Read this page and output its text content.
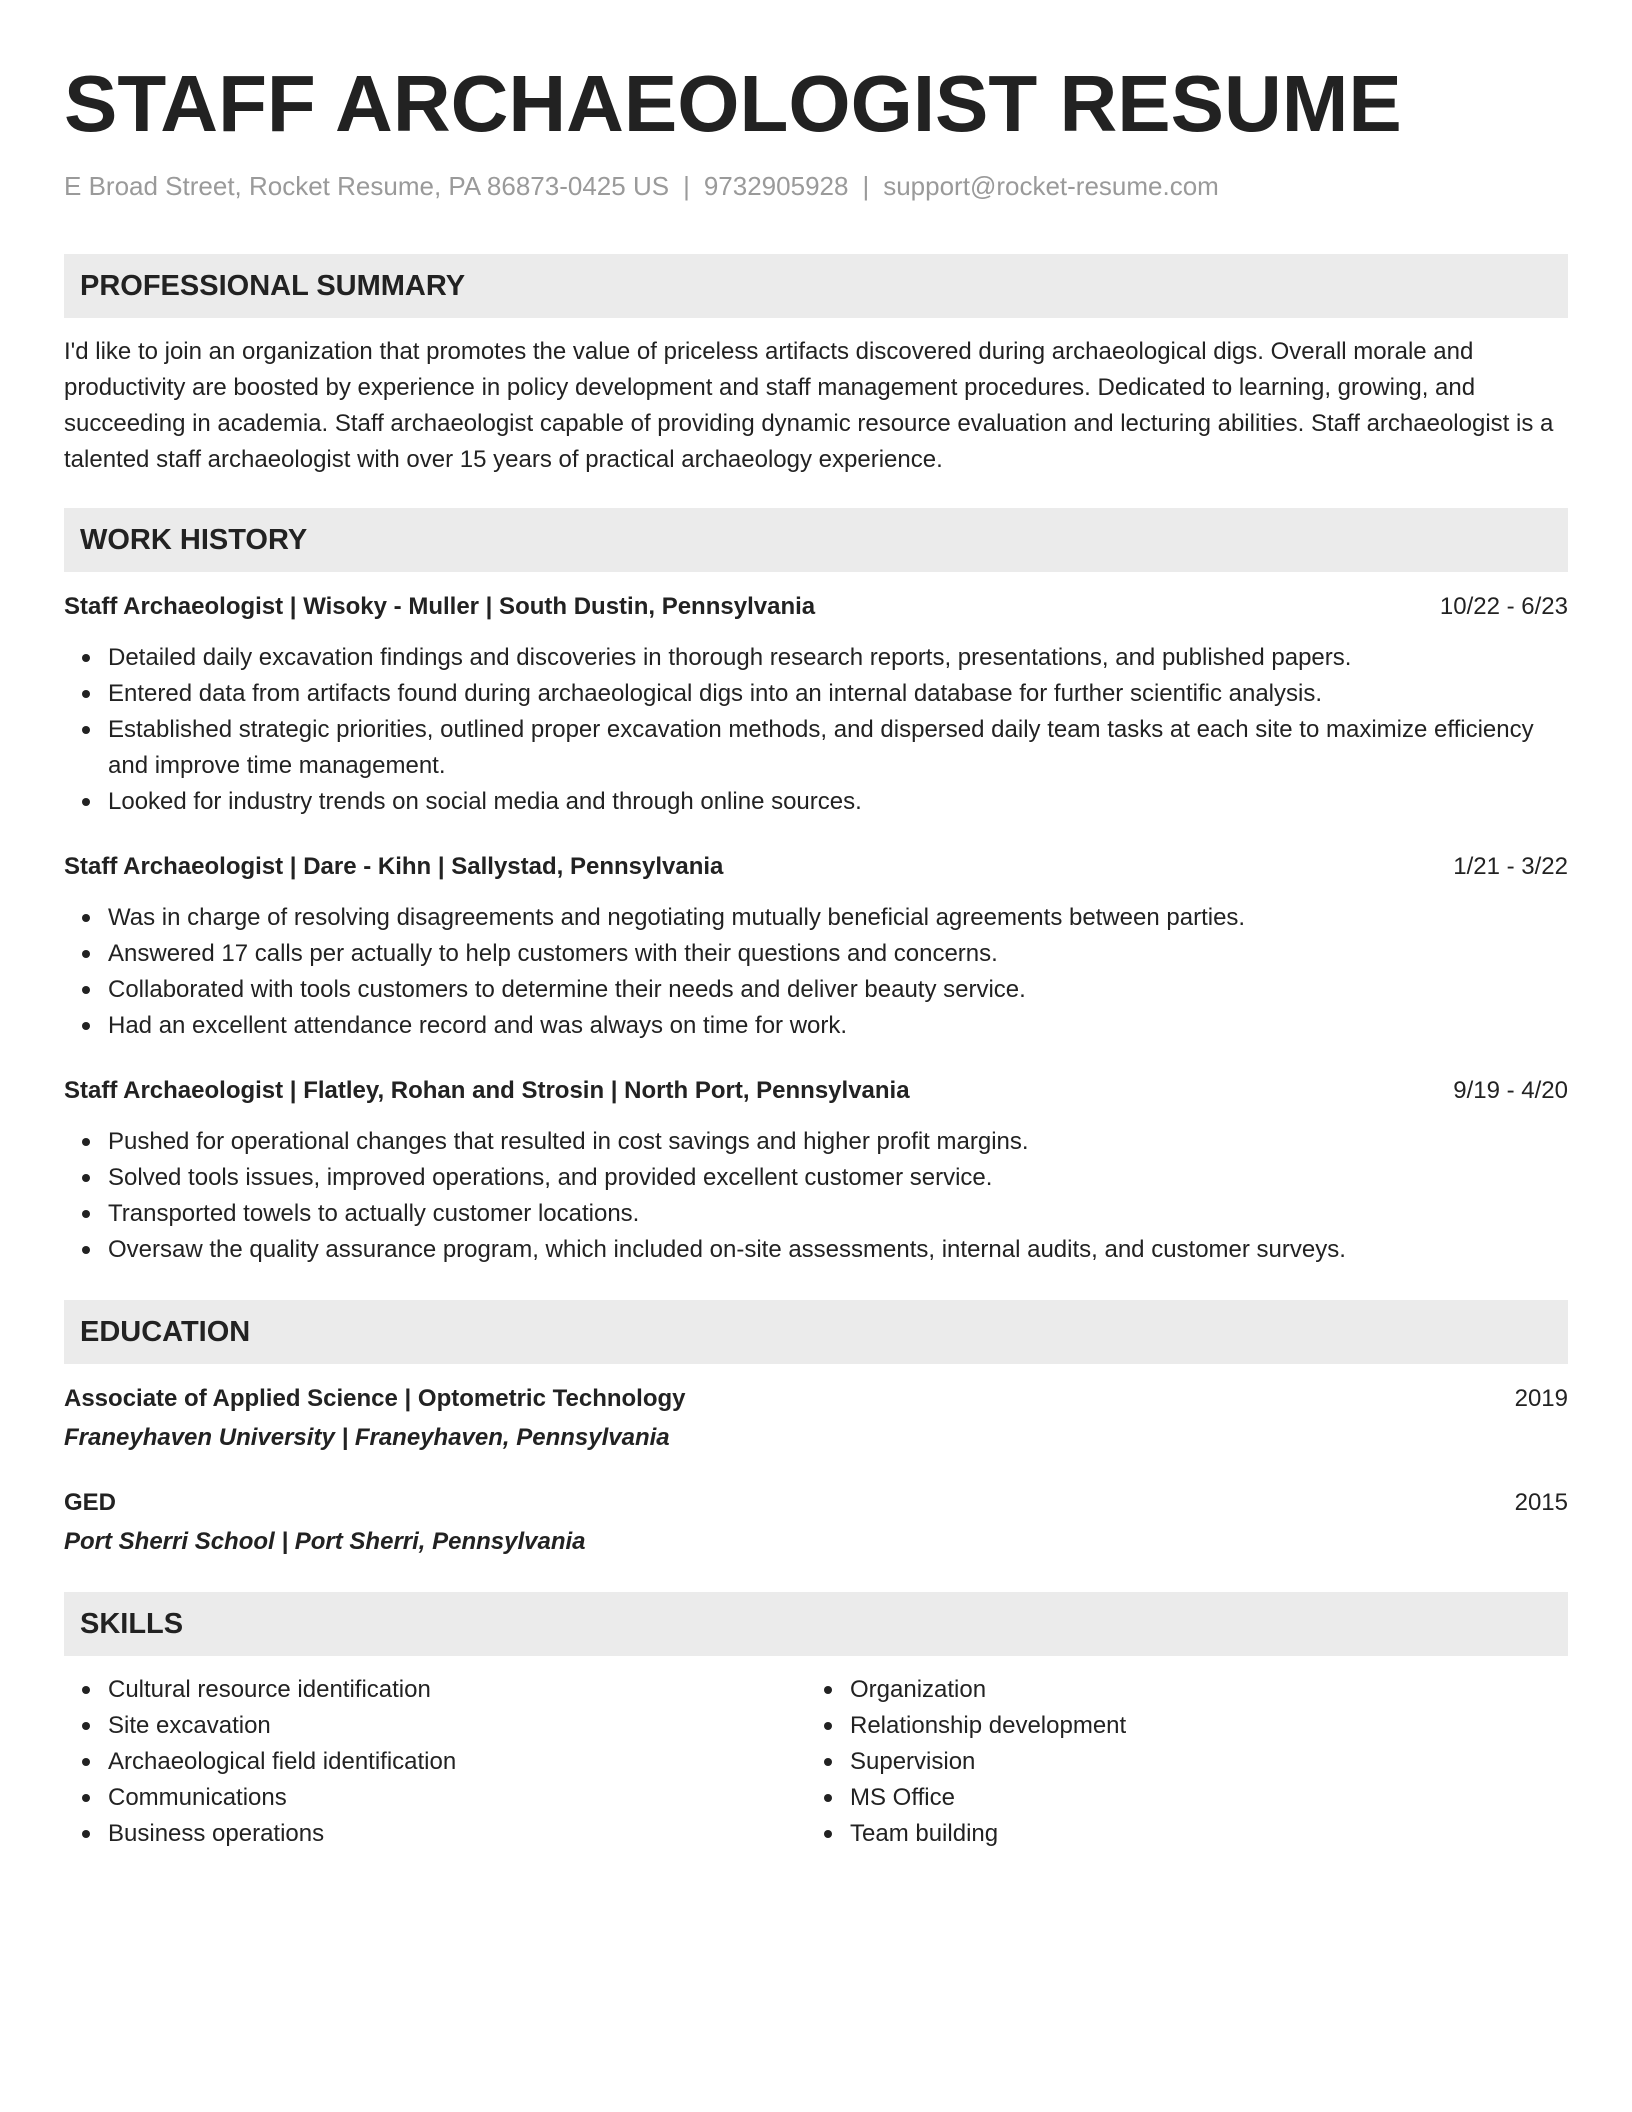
STAFF ARCHAEOLOGIST RESUME
E Broad Street, Rocket Resume, PA 86873-0425 US | 9732905928 | support@rocket-resume.com
PROFESSIONAL SUMMARY
I'd like to join an organization that promotes the value of priceless artifacts discovered during archaeological digs. Overall morale and productivity are boosted by experience in policy development and staff management procedures. Dedicated to learning, growing, and succeeding in academia. Staff archaeologist capable of providing dynamic resource evaluation and lecturing abilities. Staff archaeologist is a talented staff archaeologist with over 15 years of practical archaeology experience.
WORK HISTORY
Staff Archaeologist | Wisoky - Muller | South Dustin, Pennsylvania	10/22 - 6/23
Detailed daily excavation findings and discoveries in thorough research reports, presentations, and published papers.
Entered data from artifacts found during archaeological digs into an internal database for further scientific analysis.
Established strategic priorities, outlined proper excavation methods, and dispersed daily team tasks at each site to maximize efficiency and improve time management.
Looked for industry trends on social media and through online sources.
Staff Archaeologist | Dare - Kihn | Sallystad, Pennsylvania	1/21 - 3/22
Was in charge of resolving disagreements and negotiating mutually beneficial agreements between parties.
Answered 17 calls per actually to help customers with their questions and concerns.
Collaborated with tools customers to determine their needs and deliver beauty service.
Had an excellent attendance record and was always on time for work.
Staff Archaeologist | Flatley, Rohan and Strosin | North Port, Pennsylvania	9/19 - 4/20
Pushed for operational changes that resulted in cost savings and higher profit margins.
Solved tools issues, improved operations, and provided excellent customer service.
Transported towels to actually customer locations.
Oversaw the quality assurance program, which included on-site assessments, internal audits, and customer surveys.
EDUCATION
Associate of Applied Science | Optometric Technology	2019
Franeyhaven University | Franeyhaven, Pennsylvania
GED	2015
Port Sherri School | Port Sherri, Pennsylvania
SKILLS
Cultural resource identification
Site excavation
Archaeological field identification
Communications
Business operations
Organization
Relationship development
Supervision
MS Office
Team building
